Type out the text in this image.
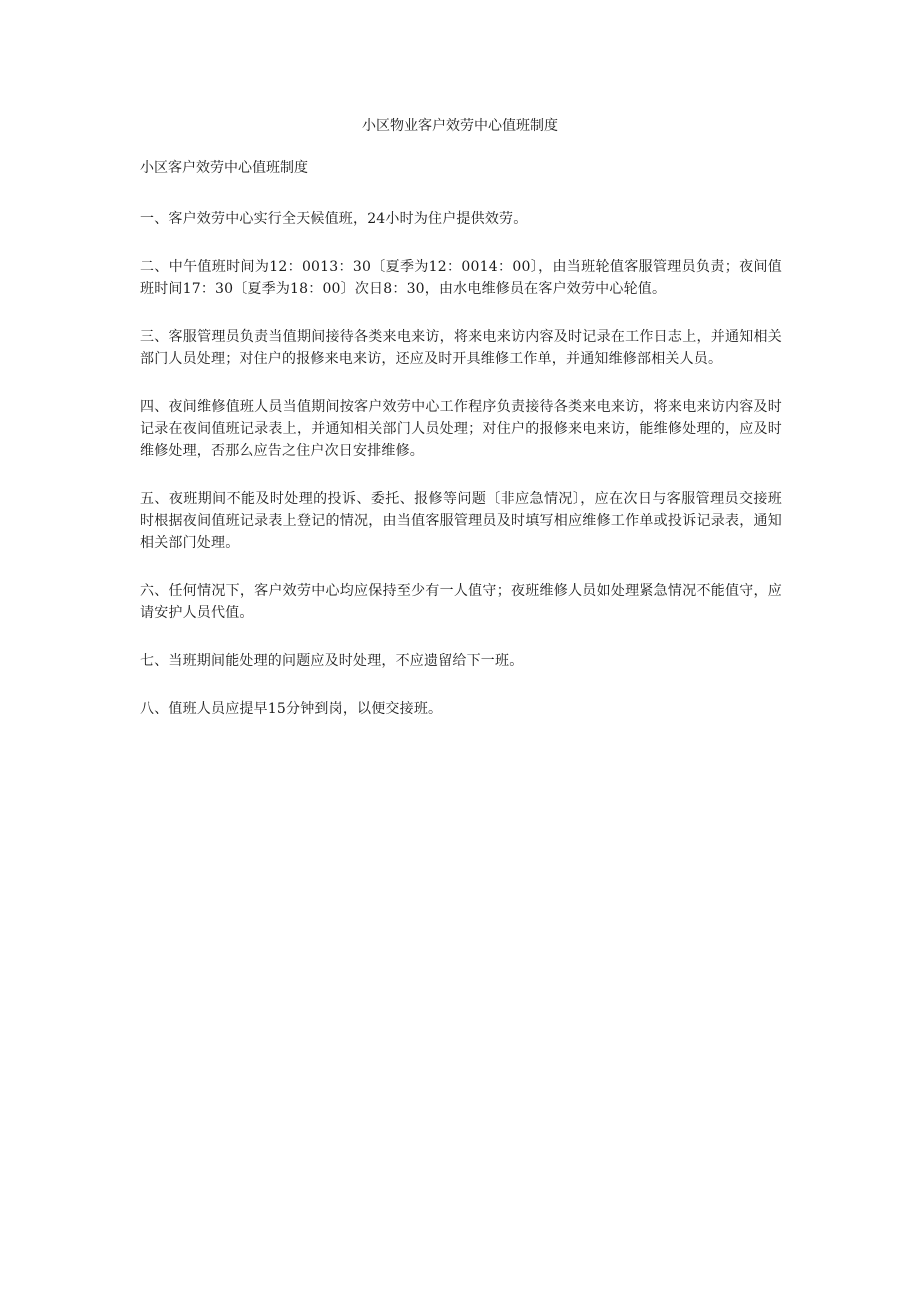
小区物业客户效劳中心值班制度

小区客户效劳中心值班制度

一、客户效劳中心实行全天候值班，24小时为住户提供效劳。

二、中午值班时间为12：0013：30〔夏季为12：0014：00〕，由当班轮值客服管理员负责；夜间值班时间17：30〔夏季为18：00〕次日8：30，由水电维修员在客户效劳中心轮值。

三、客服管理员负责当值期间接待各类来电来访，将来电来访内容及时记录在工作日志上，并通知相关部门人员处理；对住户的报修来电来访，还应及时开具维修工作单，并通知维修部相关人员。

四、夜间维修值班人员当值期间按客户效劳中心工作程序负责接待各类来电来访，将来电来访内容及时记录在夜间值班记录表上，并通知相关部门人员处理；对住户的报修来电来访，能维修处理的，应及时维修处理，否那么应告之住户次日安排维修。

五、夜班期间不能及时处理的投诉、委托、报修等问题〔非应急情况〕，应在次日与客服管理员交接班时根据夜间值班记录表上登记的情况，由当值客服管理员及时填写相应维修工作单或投诉记录表，通知相关部门处理。

六、任何情况下，客户效劳中心均应保持至少有一人值守；夜班维修人员如处理紧急情况不能值守，应请安护人员代值。

七、当班期间能处理的问题应及时处理，不应遗留给下一班。

八、值班人员应提早15分钟到岗，以便交接班。
